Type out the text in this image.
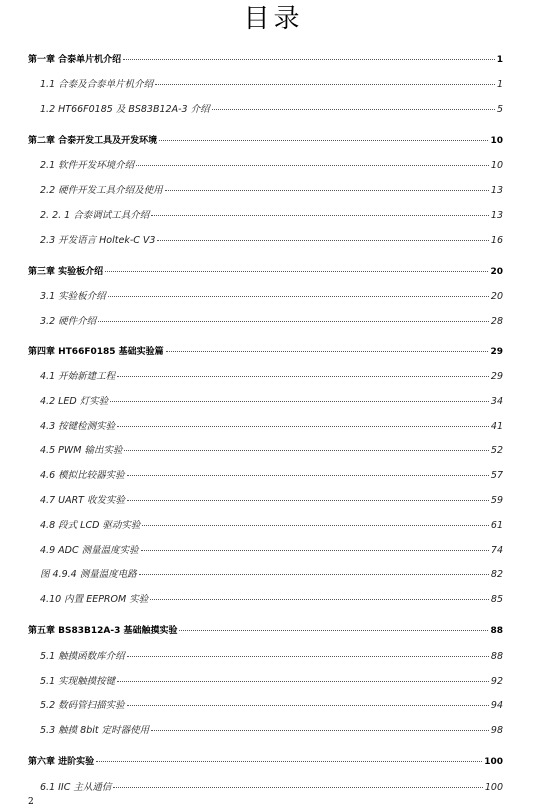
目录
第一章 合泰单片机介绍	1
1.1 合泰及合泰单片机介绍	1
1.2 HT66F0185 及 BS83B12A-3 介绍	5
第二章 合泰开发工具及开发环境	10
2.1 软件开发环境介绍	10
2.2 硬件开发工具介绍及使用	13
2. 2. 1 合泰调试工具介绍	13
2.3 开发语言 Holtek-C V3	16
第三章 实验板介绍	20
3.1 实验板介绍	20
3.2 硬件介绍	28
第四章 HT66F0185 基础实验篇	29
4.1 开始新建工程	29
4.2 LED 灯实验	34
4.3 按键检测实验	41
4.5 PWM 输出实验	52
4.6 模拟比较器实验	57
4.7 UART 收发实验	59
4.8 段式 LCD 驱动实验	61
4.9 ADC 测量温度实验	74
图 4.9.4 测量温度电路	82
4.10 内置 EEPROM 实验	85
第五章 BS83B12A-3 基础触摸实验	88
5.1 触摸函数库介绍	88
5.1 实现触摸按键	92
5.2 数码管扫描实验	94
5.3 触摸 8bit 定时器使用	98
第六章 进阶实验	100
6.1 IIC 主从通信	100
2
